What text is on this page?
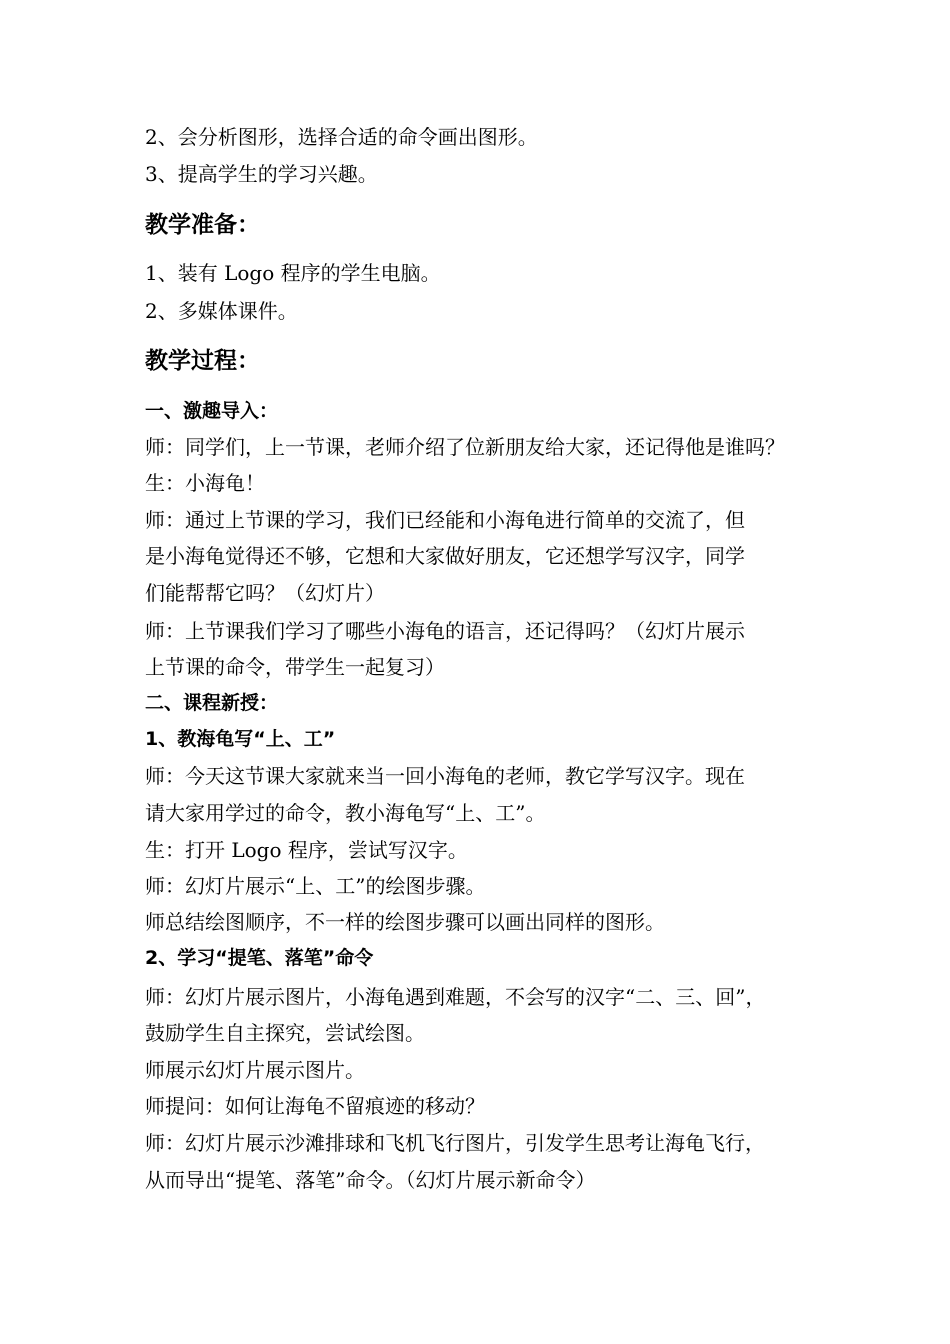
2、会分析图形，选择合适的命令画出图形。
3、提高学生的学习兴趣。
教学准备：
1、装有 Logo 程序的学生电脑。
2、多媒体课件。
教学过程：
一、激趣导入：
师：同学们，上一节课，老师介绍了位新朋友给大家，还记得他是谁吗？
生：小海龟！
师：通过上节课的学习，我们已经能和小海龟进行简单的交流了，但
是小海龟觉得还不够，它想和大家做好朋友，它还想学写汉字，同学
们能帮帮它吗？（幻灯片）
师：上节课我们学习了哪些小海龟的语言，还记得吗？（幻灯片展示
上节课的命令，带学生一起复习）
二、课程新授：
1、教海龟写“上、工”
师：今天这节课大家就来当一回小海龟的老师，教它学写汉字。现在
请大家用学过的命令，教小海龟写“上、工”。
生：打开 Logo 程序，尝试写汉字。
师：幻灯片展示“上、工”的绘图步骤。
师总结绘图顺序，不一样的绘图步骤可以画出同样的图形。
2、学习“提笔、落笔”命令
师：幻灯片展示图片，小海龟遇到难题，不会写的汉字“二、三、回”，
鼓励学生自主探究，尝试绘图。
师展示幻灯片展示图片。
师提问：如何让海龟不留痕迹的移动？
师：幻灯片展示沙滩排球和飞机飞行图片，引发学生思考让海龟飞行，
从而导出“提笔、落笔”命令。（幻灯片展示新命令）
